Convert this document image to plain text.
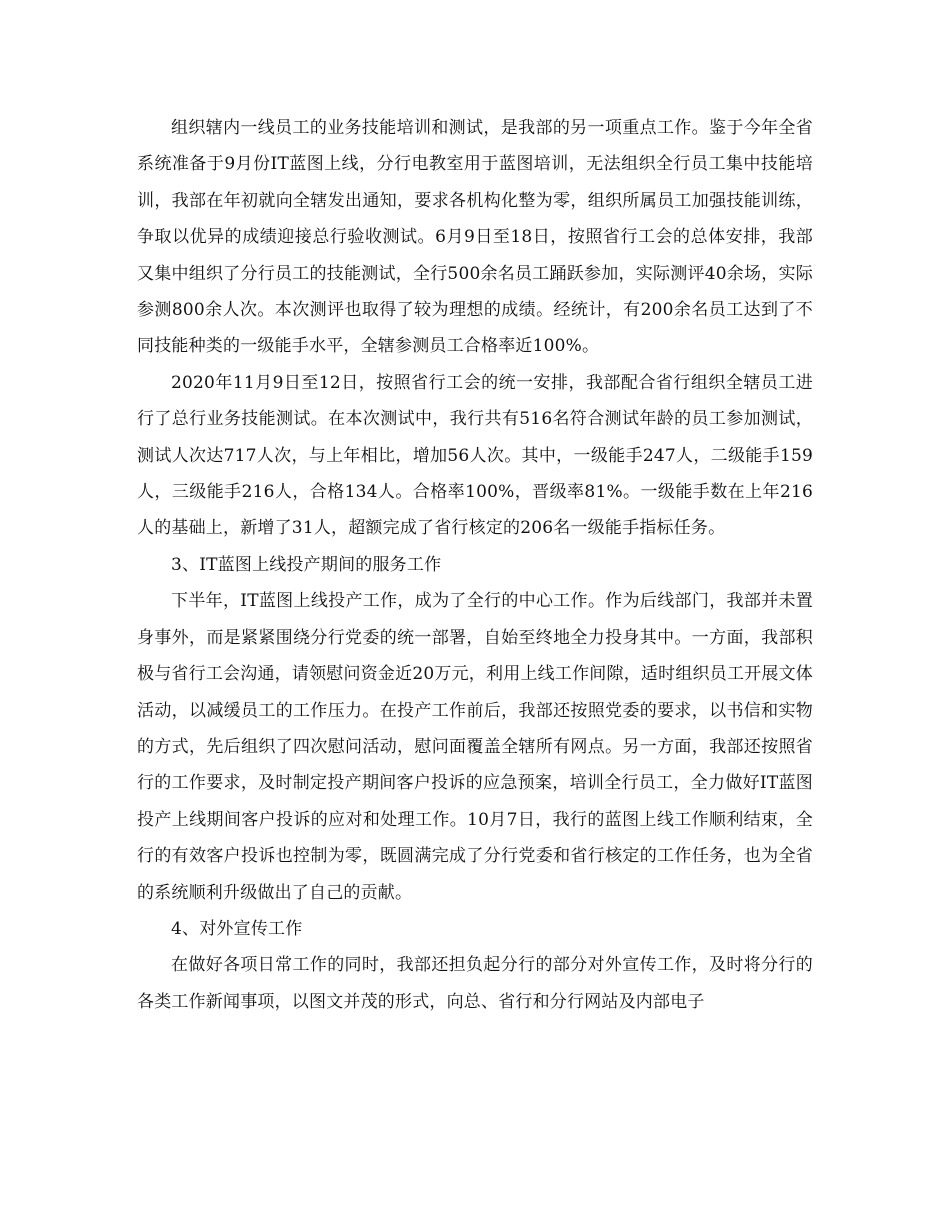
组织辖内一线员工的业务技能培训和测试，是我部的另一项重点工作。鉴于今年全省系统准备于9月份IT蓝图上线，分行电教室用于蓝图培训，无法组织全行员工集中技能培训，我部在年初就向全辖发出通知，要求各机构化整为零，组织所属员工加强技能训练，争取以优异的成绩迎接总行验收测试。6月9日至18日，按照省行工会的总体安排，我部又集中组织了分行员工的技能测试，全行500余名员工踊跃参加，实际测评40余场，实际参测800余人次。本次测评也取得了较为理想的成绩。经统计，有200余名员工达到了不同技能种类的一级能手水平，全辖参测员工合格率近100%。

2020年11月9日至12日，按照省行工会的统一安排，我部配合省行组织全辖员工进行了总行业务技能测试。在本次测试中，我行共有516名符合测试年龄的员工参加测试，测试人次达717人次，与上年相比，增加56人次。其中，一级能手247人，二级能手159人，三级能手216人，合格134人。合格率100%，晋级率81%。一级能手数在上年216人的基础上，新增了31人，超额完成了省行核定的206名一级能手指标任务。

3、IT蓝图上线投产期间的服务工作

下半年，IT蓝图上线投产工作，成为了全行的中心工作。作为后线部门，我部并未置身事外，而是紧紧围绕分行党委的统一部署，自始至终地全力投身其中。一方面，我部积极与省行工会沟通，请领慰问资金近20万元，利用上线工作间隙，适时组织员工开展文体活动，以减缓员工的工作压力。在投产工作前后，我部还按照党委的要求，以书信和实物的方式，先后组织了四次慰问活动，慰问面覆盖全辖所有网点。另一方面，我部还按照省行的工作要求，及时制定投产期间客户投诉的应急预案，培训全行员工，全力做好IT蓝图投产上线期间客户投诉的应对和处理工作。10月7日，我行的蓝图上线工作顺利结束，全行的有效客户投诉也控制为零，既圆满完成了分行党委和省行核定的工作任务，也为全省的系统顺利升级做出了自己的贡献。

4、对外宣传工作

在做好各项日常工作的同时，我部还担负起分行的部分对外宣传工作，及时将分行的各类工作新闻事项，以图文并茂的形式，向总、省行和分行网站及内部电子
